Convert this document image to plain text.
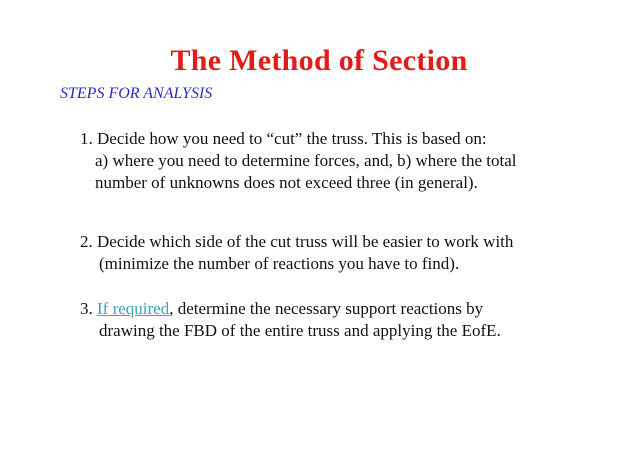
The Method of Section
STEPS FOR ANALYSIS
1. Decide how you need to “cut” the truss. This is based on:
a) where you need to determine forces, and, b) where the total
number of unknowns does not exceed three (in general).
2. Decide which side of the cut truss will be easier to work with
(minimize the number of reactions you have to find).
3. If required, determine the necessary support reactions by
drawing the FBD of the entire truss and applying the EofE.
